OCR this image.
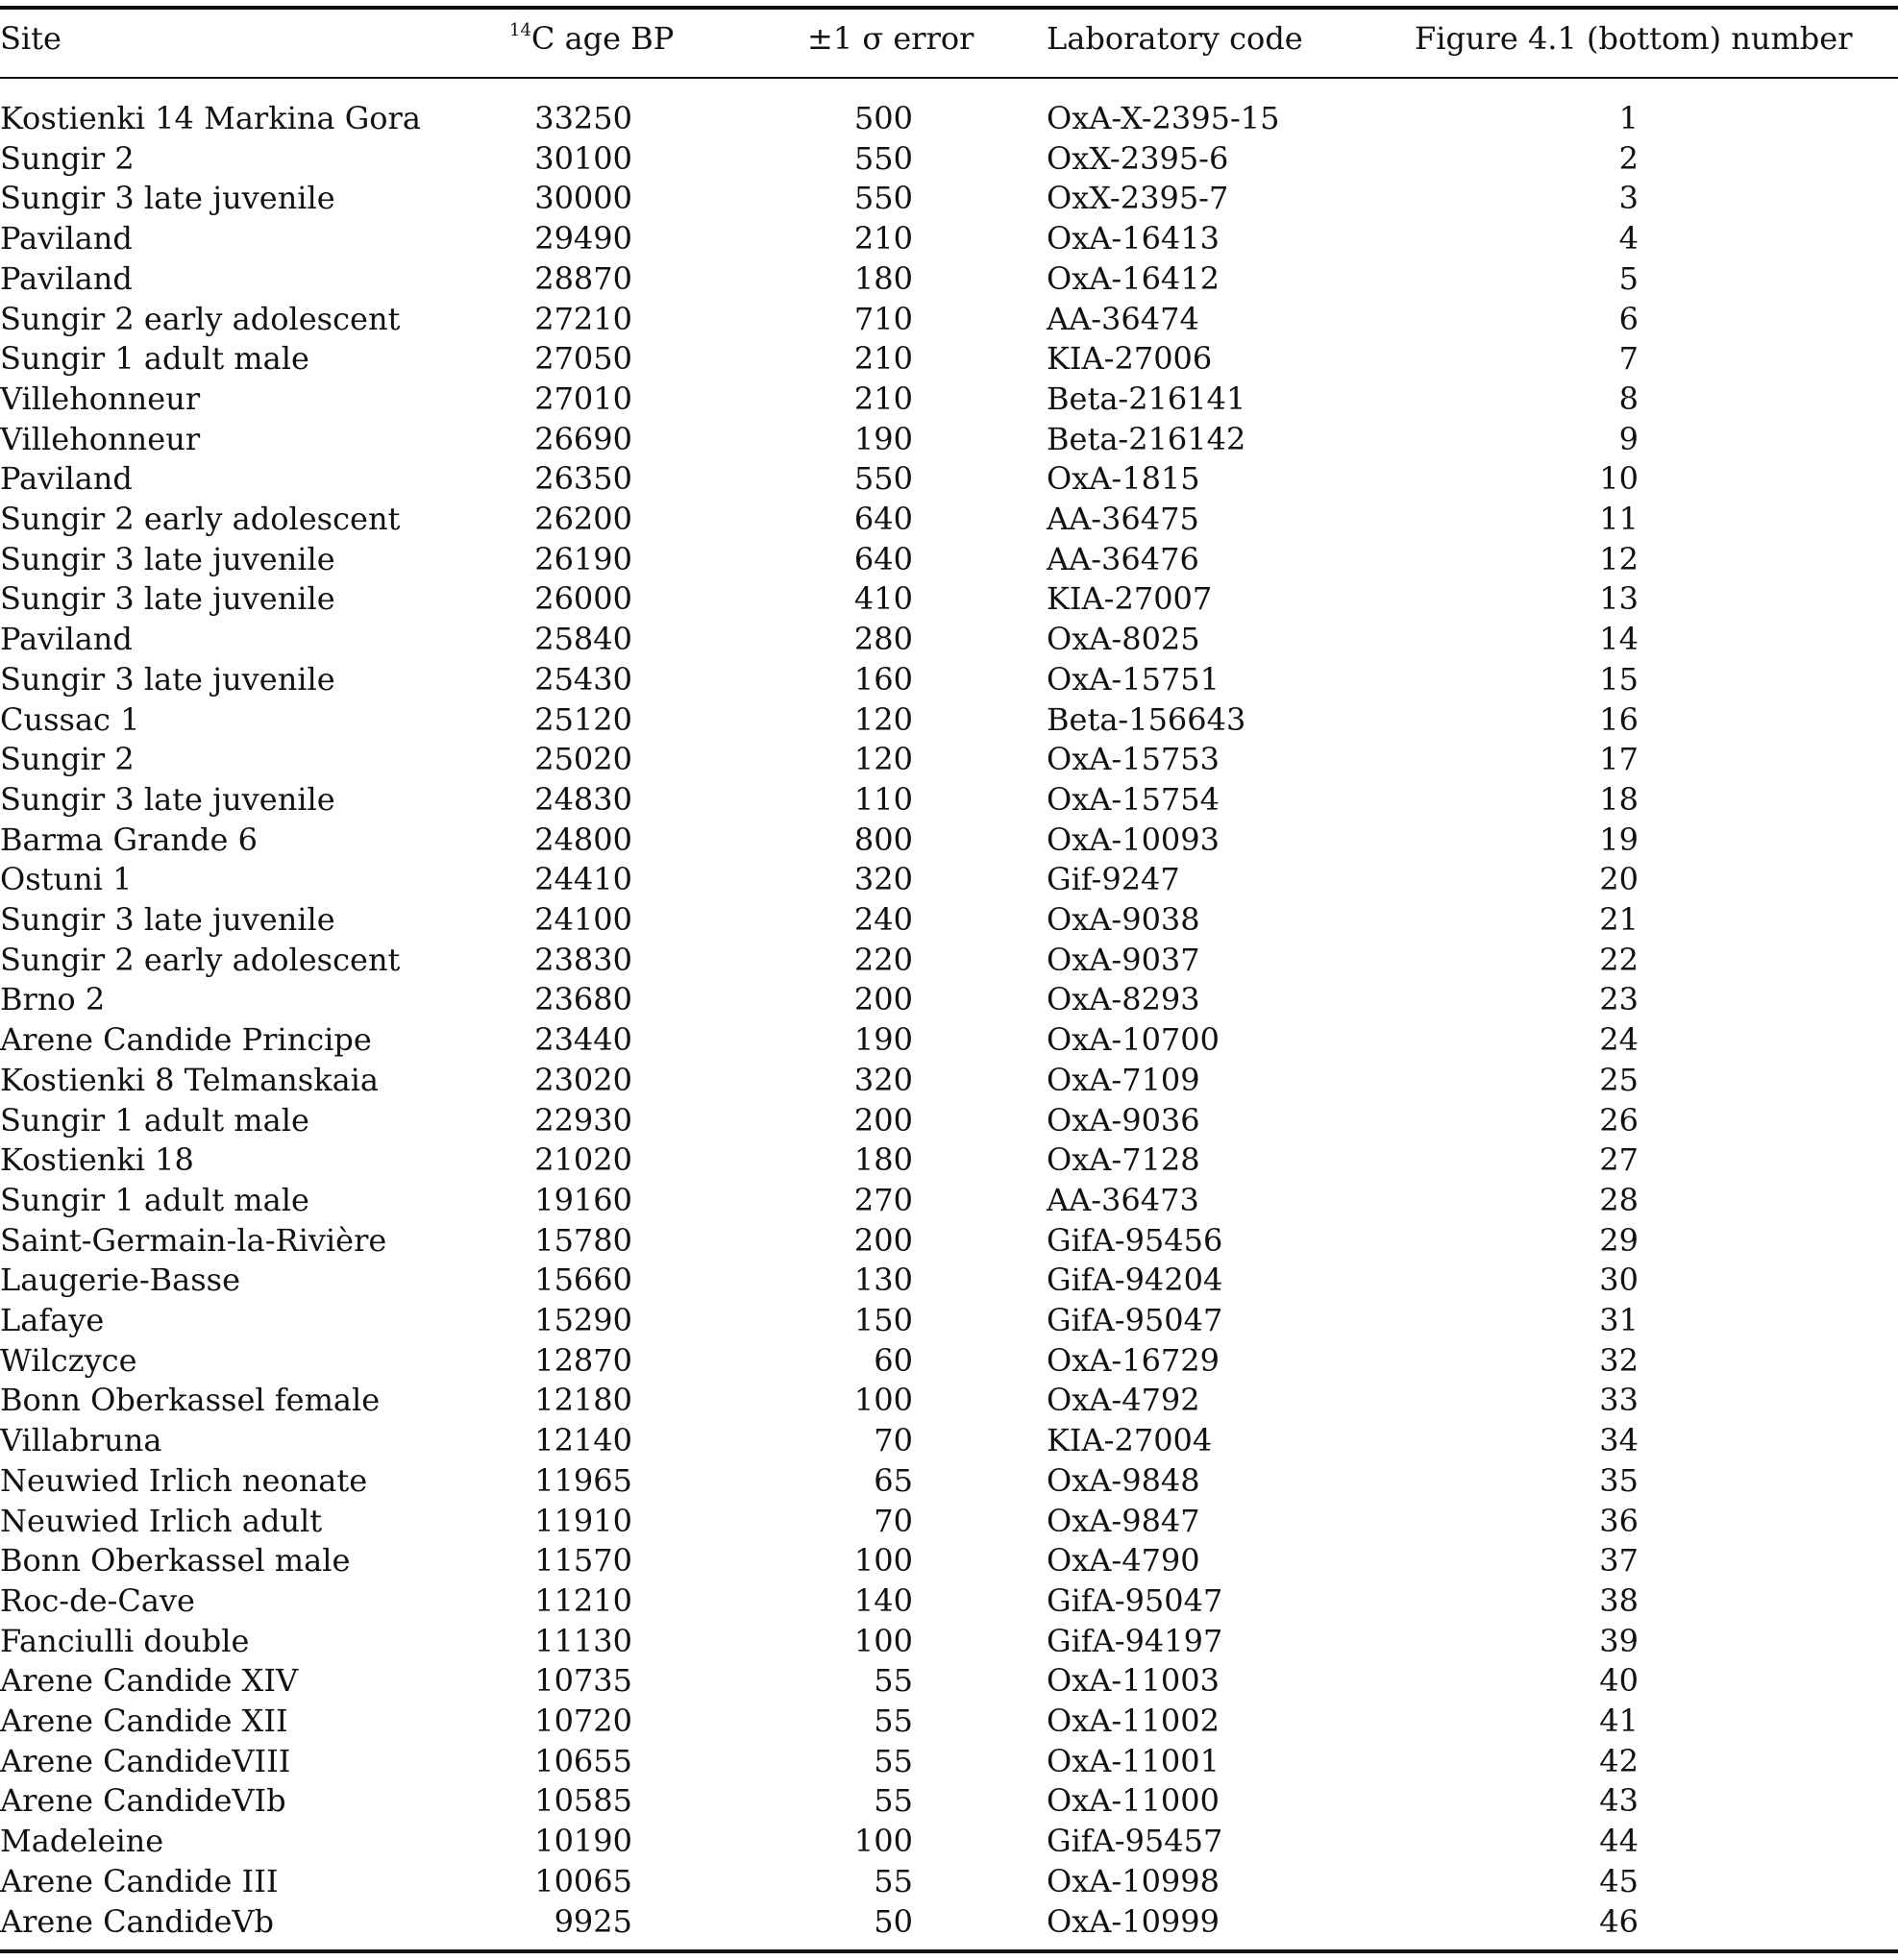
Site	$^{14}$C age BP	±1 σ error	Laboratory code	Figure 4.1 (bottom) number
Kostienki 14 Markina Gora	33250	500	OxA-X-2395-15	1
Sungir 2	30100	550	OxX-2395-6	2
Sungir 3 late juvenile	30000	550	OxX-2395-7	3
Paviland	29490	210	OxA-16413	4
Paviland	28870	180	OxA-16412	5
Sungir 2 early adolescent	27210	710	AA-36474	6
Sungir 1 adult male	27050	210	KIA-27006	7
Villehonneur	27010	210	Beta-216141	8
Villehonneur	26690	190	Beta-216142	9
Paviland	26350	550	OxA-1815	10
Sungir 2 early adolescent	26200	640	AA-36475	11
Sungir 3 late juvenile	26190	640	AA-36476	12
Sungir 3 late juvenile	26000	410	KIA-27007	13
Paviland	25840	280	OxA-8025	14
Sungir 3 late juvenile	25430	160	OxA-15751	15
Cussac 1	25120	120	Beta-156643	16
Sungir 2	25020	120	OxA-15753	17
Sungir 3 late juvenile	24830	110	OxA-15754	18
Barma Grande 6	24800	800	OxA-10093	19
Ostuni 1	24410	320	Gif-9247	20
Sungir 3 late juvenile	24100	240	OxA-9038	21
Sungir 2 early adolescent	23830	220	OxA-9037	22
Brno 2	23680	200	OxA-8293	23
Arene Candide Principe	23440	190	OxA-10700	24
Kostienki 8 Telmanskaia	23020	320	OxA-7109	25
Sungir 1 adult male	22930	200	OxA-9036	26
Kostienki 18	21020	180	OxA-7128	27
Sungir 1 adult male	19160	270	AA-36473	28
Saint-Germain-la-Rivière	15780	200	GifA-95456	29
Laugerie-Basse	15660	130	GifA-94204	30
Lafaye	15290	150	GifA-95047	31
Wilczyce	12870	60	OxA-16729	32
Bonn Oberkassel female	12180	100	OxA-4792	33
Villabruna	12140	70	KIA-27004	34
Neuwied Irlich neonate	11965	65	OxA-9848	35
Neuwied Irlich adult	11910	70	OxA-9847	36
Bonn Oberkassel male	11570	100	OxA-4790	37
Roc-de-Cave	11210	140	GifA-95047	38
Fanciulli double	11130	100	GifA-94197	39
Arene Candide XIV	10735	55	OxA-11003	40
Arene Candide XII	10720	55	OxA-11002	41
Arene CandideVIII	10655	55	OxA-11001	42
Arene CandideVIb	10585	55	OxA-11000	43
Madeleine	10190	100	GifA-95457	44
Arene Candide III	10065	55	OxA-10998	45
Arene CandideVb	9925	50	OxA-10999	46
